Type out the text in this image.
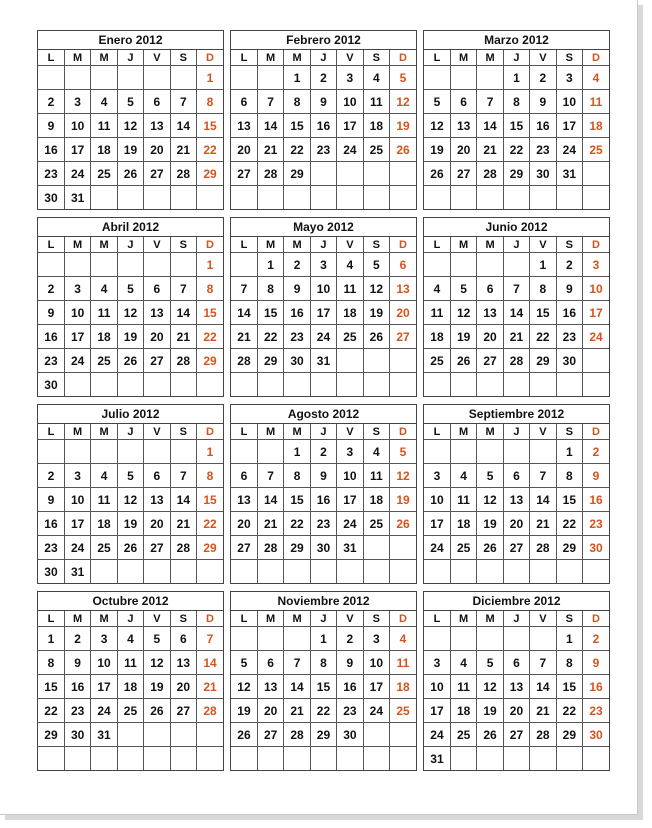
Enero 2012
L	M	M	J	V	S	D
						1
2	3	4	5	6	7	8
9	10	11	12	13	14	15
16	17	18	19	20	21	22
23	24	25	26	27	28	29
30	31					
Febrero 2012
L	M	M	J	V	S	D
		1	2	3	4	5
6	7	8	9	10	11	12
13	14	15	16	17	18	19
20	21	22	23	24	25	26
27	28	29				

Marzo 2012
L	M	M	J	V	S	D
			1	2	3	4
5	6	7	8	9	10	11
12	13	14	15	16	17	18
19	20	21	22	23	24	25
26	27	28	29	30	31	

Abril 2012
L	M	M	J	V	S	D
						1
2	3	4	5	6	7	8
9	10	11	12	13	14	15
16	17	18	19	20	21	22
23	24	25	26	27	28	29
30						
Mayo 2012
L	M	M	J	V	S	D
	1	2	3	4	5	6
7	8	9	10	11	12	13
14	15	16	17	18	19	20
21	22	23	24	25	26	27
28	29	30	31			

Junio 2012
L	M	M	J	V	S	D
				1	2	3
4	5	6	7	8	9	10
11	12	13	14	15	16	17
18	19	20	21	22	23	24
25	26	27	28	29	30	

Julio 2012
L	M	M	J	V	S	D
						1
2	3	4	5	6	7	8
9	10	11	12	13	14	15
16	17	18	19	20	21	22
23	24	25	26	27	28	29
30	31					
Agosto 2012
L	M	M	J	V	S	D
		1	2	3	4	5
6	7	8	9	10	11	12
13	14	15	16	17	18	19
20	21	22	23	24	25	26
27	28	29	30	31		

Septiembre 2012
L	M	M	J	V	S	D
					1	2
3	4	5	6	7	8	9
10	11	12	13	14	15	16
17	18	19	20	21	22	23
24	25	26	27	28	29	30

Octubre 2012
L	M	M	J	V	S	D
1	2	3	4	5	6	7
8	9	10	11	12	13	14
15	16	17	18	19	20	21
22	23	24	25	26	27	28
29	30	31				

Noviembre 2012
L	M	M	J	V	S	D
			1	2	3	4
5	6	7	8	9	10	11
12	13	14	15	16	17	18
19	20	21	22	23	24	25
26	27	28	29	30		

Diciembre 2012
L	M	M	J	V	S	D
					1	2
3	4	5	6	7	8	9
10	11	12	13	14	15	16
17	18	19	20	21	22	23
24	25	26	27	28	29	30
31						
